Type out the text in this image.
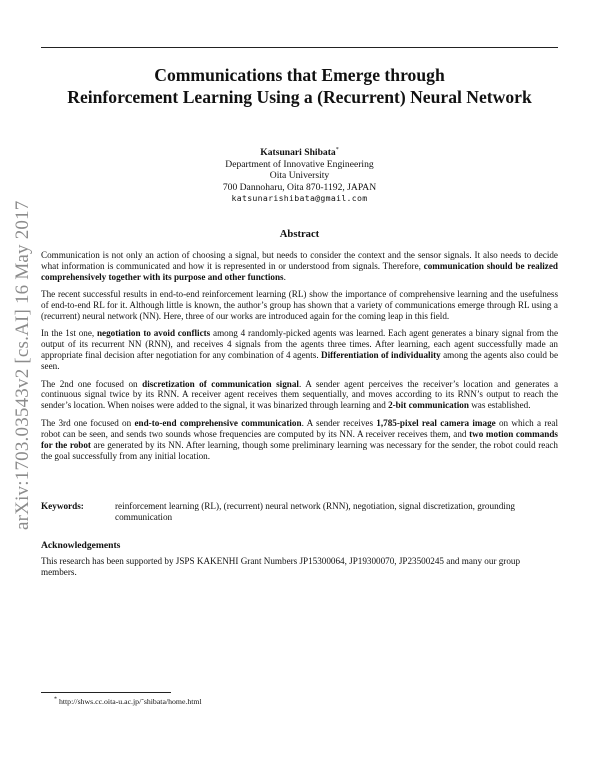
arXiv:1703.03543v2 [cs.AI] 16 May 2017
Communications that Emerge through
Reinforcement Learning Using a (Recurrent) Neural Network
Katsunari Shibata*
Department of Innovative Engineering
Oita University
700 Dannoharu, Oita 870-1192, JAPAN
katsunarishibata@gmail.com
Abstract

Communication is not only an action of choosing a signal, but needs to consider the context and the sensor signals. It also needs to decide what information is communicated and how it is represented in or understood from signals. Therefore, communication should be realized comprehensively together with its purpose and other functions.

The recent successful results in end-to-end reinforcement learning (RL) show the importance of comprehensive learning and the usefulness of end-to-end RL for it. Although little is known, the author’s group has shown that a variety of communications emerge through RL using a (recurrent) neural network (NN). Here, three of our works are introduced again for the coming leap in this field.

In the 1st one, negotiation to avoid conflicts among 4 randomly-picked agents was learned. Each agent generates a binary signal from the output of its recurrent NN (RNN), and receives 4 signals from the agents three times. After learning, each agent successfully made an appropriate final decision after negotiation for any combination of 4 agents. Differentiation of individuality among the agents also could be seen.

The 2nd one focused on discretization of communication signal. A sender agent perceives the receiver’s location and generates a continuous signal twice by its RNN. A receiver agent receives them sequentially, and moves according to its RNN’s output to reach the sender’s location. When noises were added to the signal, it was binarized through learning and 2-bit communication was established.

The 3rd one focused on end-to-end comprehensive communication. A sender receives 1,785-pixel real camera image on which a real robot can be seen, and sends two sounds whose frequencies are computed by its NN. A receiver receives them, and two motion commands for the robot are generated by its NN. After learning, though some preliminary learning was necessary for the sender, the robot could reach the goal successfully from any initial location.

Keywords:	reinforcement learning (RL), (recurrent) neural network (RNN), negotiation, signal discretization, grounding communication
Acknowledgements
This research has been supported by JSPS KAKENHI Grant Numbers JP15300064, JP19300070, JP23500245 and many our group members.
* http://shws.cc.oita-u.ac.jp/˜shibata/home.html
